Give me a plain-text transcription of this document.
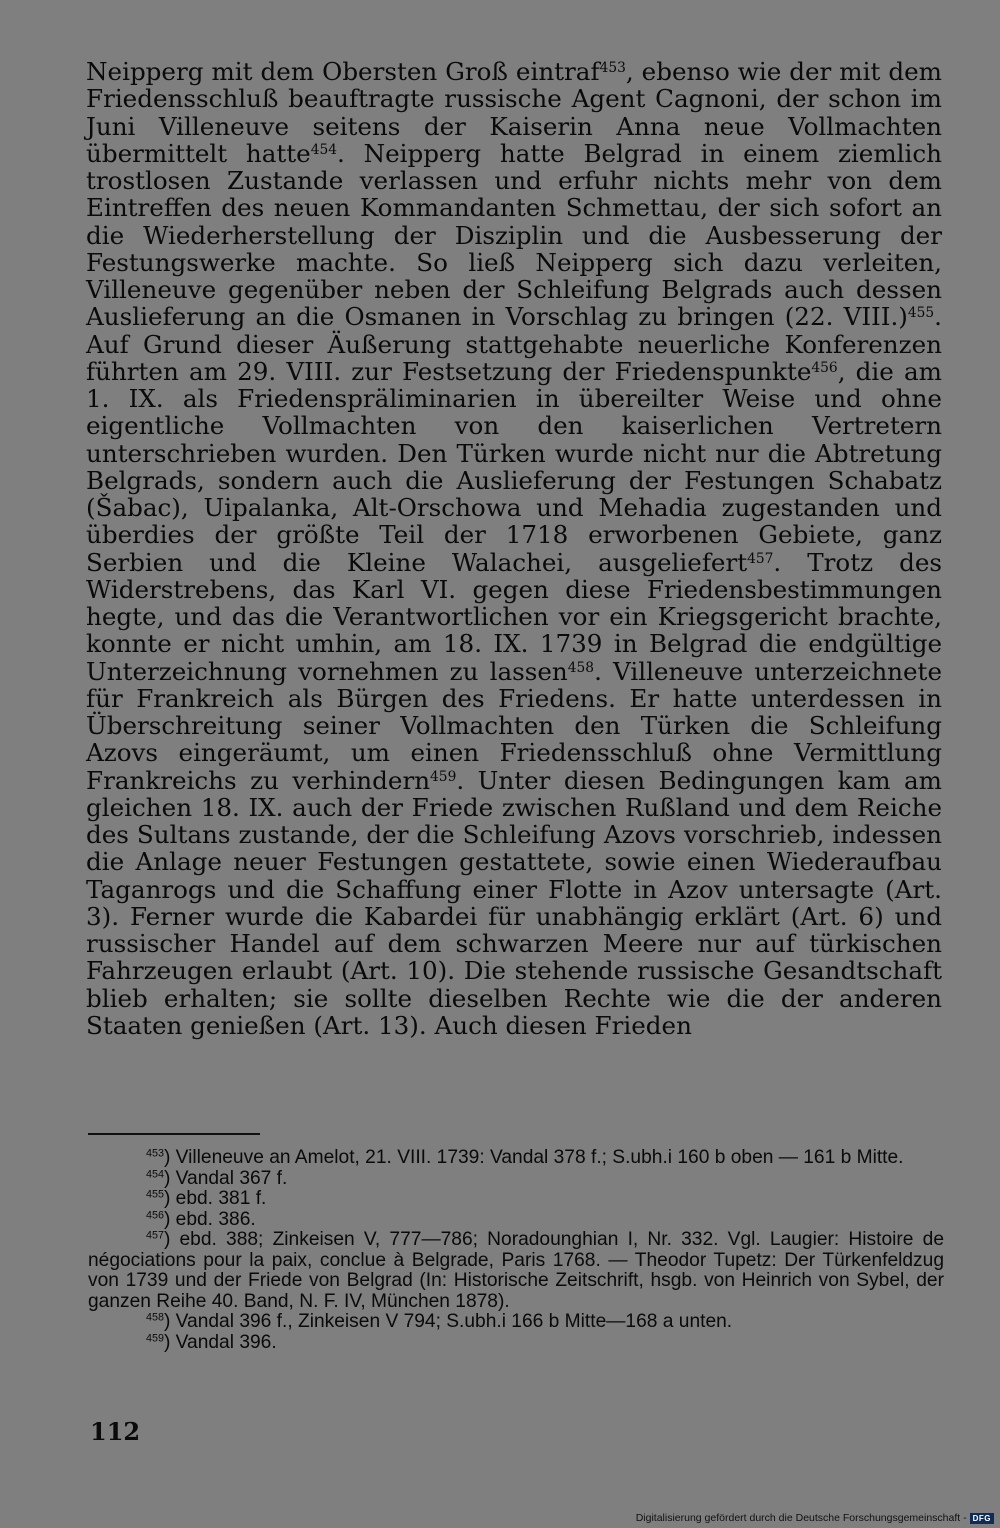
Neipperg mit dem Obersten Groß eintraf$^{453}$, ebenso wie der mit dem Friedensschluß beauftragte russische Agent Cagnoni, der schon im Juni Villeneuve seitens der Kaiserin Anna neue Vollmachten übermittelt hatte$^{454}$. Neipperg hatte Belgrad in einem ziemlich trostlosen Zustande verlassen und erfuhr nichts mehr von dem Eintreffen des neuen Kommandanten Schmettau, der sich sofort an die Wiederherstellung der Disziplin und die Ausbesserung der Festungswerke machte. So ließ Neipperg sich dazu verleiten, Villeneuve gegenüber neben der Schleifung Belgrads auch dessen Auslieferung an die Osmanen in Vorschlag zu bringen (22. VIII.)$^{455}$. Auf Grund dieser Äußerung stattgehabte neuerliche Konferenzen führten am 29. VIII. zur Festsetzung der Friedenspunkte$^{456}$, die am 1. IX. als Friedenspräliminarien in übereilter Weise und ohne eigentliche Vollmachten von den kaiserlichen Vertretern unterschrieben wurden. Den Türken wurde nicht nur die Abtretung Belgrads, sondern auch die Auslieferung der Festungen Schabatz (Šabac), Uipalanka, Alt-Orschowa und Mehadia zugestanden und überdies der größte Teil der 1718 erworbenen Gebiete, ganz Serbien und die Kleine Walachei, ausgeliefert$^{457}$. Trotz des Widerstrebens, das Karl VI. gegen diese Friedensbestimmungen hegte, und das die Verantwortlichen vor ein Kriegsgericht brachte, konnte er nicht umhin, am 18. IX. 1739 in Belgrad die endgültige Unterzeichnung vornehmen zu lassen$^{458}$. Villeneuve unterzeichnete für Frankreich als Bürgen des Friedens. Er hatte unterdessen in Überschreitung seiner Vollmachten den Türken die Schleifung Azovs eingeräumt, um einen Friedensschluß ohne Vermittlung Frankreichs zu verhindern$^{459}$. Unter diesen Bedingungen kam am gleichen 18. IX. auch der Friede zwischen Rußland und dem Reiche des Sultans zustande, der die Schleifung Azovs vorschrieb, indessen die Anlage neuer Festungen gestattete, sowie einen Wiederaufbau Taganrogs und die Schaffung einer Flotte in Azov untersagte (Art. 3). Ferner wurde die Kabardei für unabhängig erklärt (Art. 6) und russischer Handel auf dem schwarzen Meere nur auf türkischen Fahrzeugen erlaubt (Art. 10). Die stehende russische Gesandtschaft blieb erhalten; sie sollte dieselben Rechte wie die der anderen Staaten genießen (Art. 13). Auch diesen Frieden

$^{453}$) Villeneuve an Amelot, 21. VIII. 1739: Vandal 378 f.; S.ubh.i 160 b oben — 161 b Mitte.

$^{454}$) Vandal 367 f.

$^{455}$) ebd. 381 f.

$^{456}$) ebd. 386.

$^{457}$) ebd. 388; Zinkeisen V, 777—786; Noradounghian I, Nr. 332. Vgl. Laugier: Histoire de négociations pour la paix, conclue à Belgrade, Paris 1768. — Theodor Tupetz: Der Türkenfeldzug von 1739 und der Friede von Belgrad (In: Historische Zeitschrift, hsgb. von Heinrich von Sybel, der ganzen Reihe 40. Band, N. F. IV, München 1878).

$^{458}$) Vandal 396 f., Zinkeisen V 794; S.ubh.i 166 b Mitte—168 a unten.

$^{459}$) Vandal 396.

112
Digitalisierung gefördert durch die Deutsche Forschungsgemeinschaft - DFG
